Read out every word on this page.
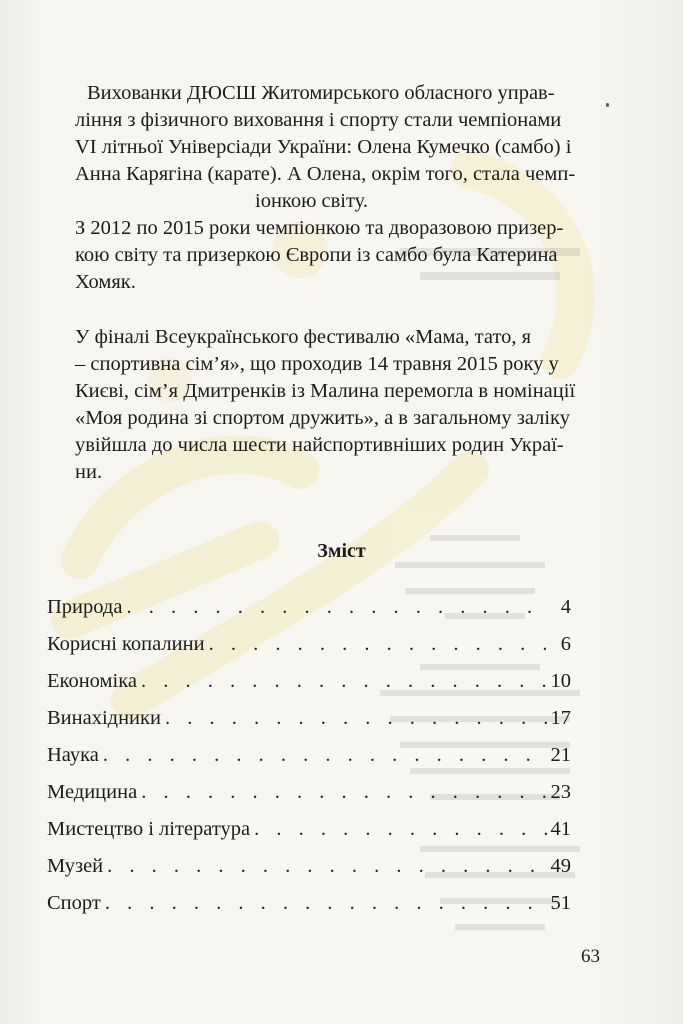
Вихованки ДЮСШ Житомирського обласного управ-
ління з фізичного виховання і спорту стали чемпіонами
VI літньої Універсіади України: Олена Кумечко (самбо) і
Анна Карягіна (карате). А Олена, окрім того, стала чемп-
іонкою світу.
З 2012 по 2015 роки чемпіонкою та дворазовою призер-
кою світу та призеркою Європи із самбо була Катерина
Хомяк.
У фіналі Всеукраїнського фестивалю «Мама, тато, я
– спортивна сім’я», що проходив 14 травня 2015 року у
Києві, сім’я Дмитренків із Малина перемогла в номінації
«Моя родина зі спортом дружить», а в загальному заліку
увійшла до числа шести найспортивніших родин Украї-
ни.
Зміст
Природа . . .	4
Корисні копалини . . .	6
Економіка . . .	10
Винахідники . . .	17
Наука . . .	21
Медицина . . .	23
Мистецтво і література . . .	41
Музей . . .	49
Спорт . . .	51

63
